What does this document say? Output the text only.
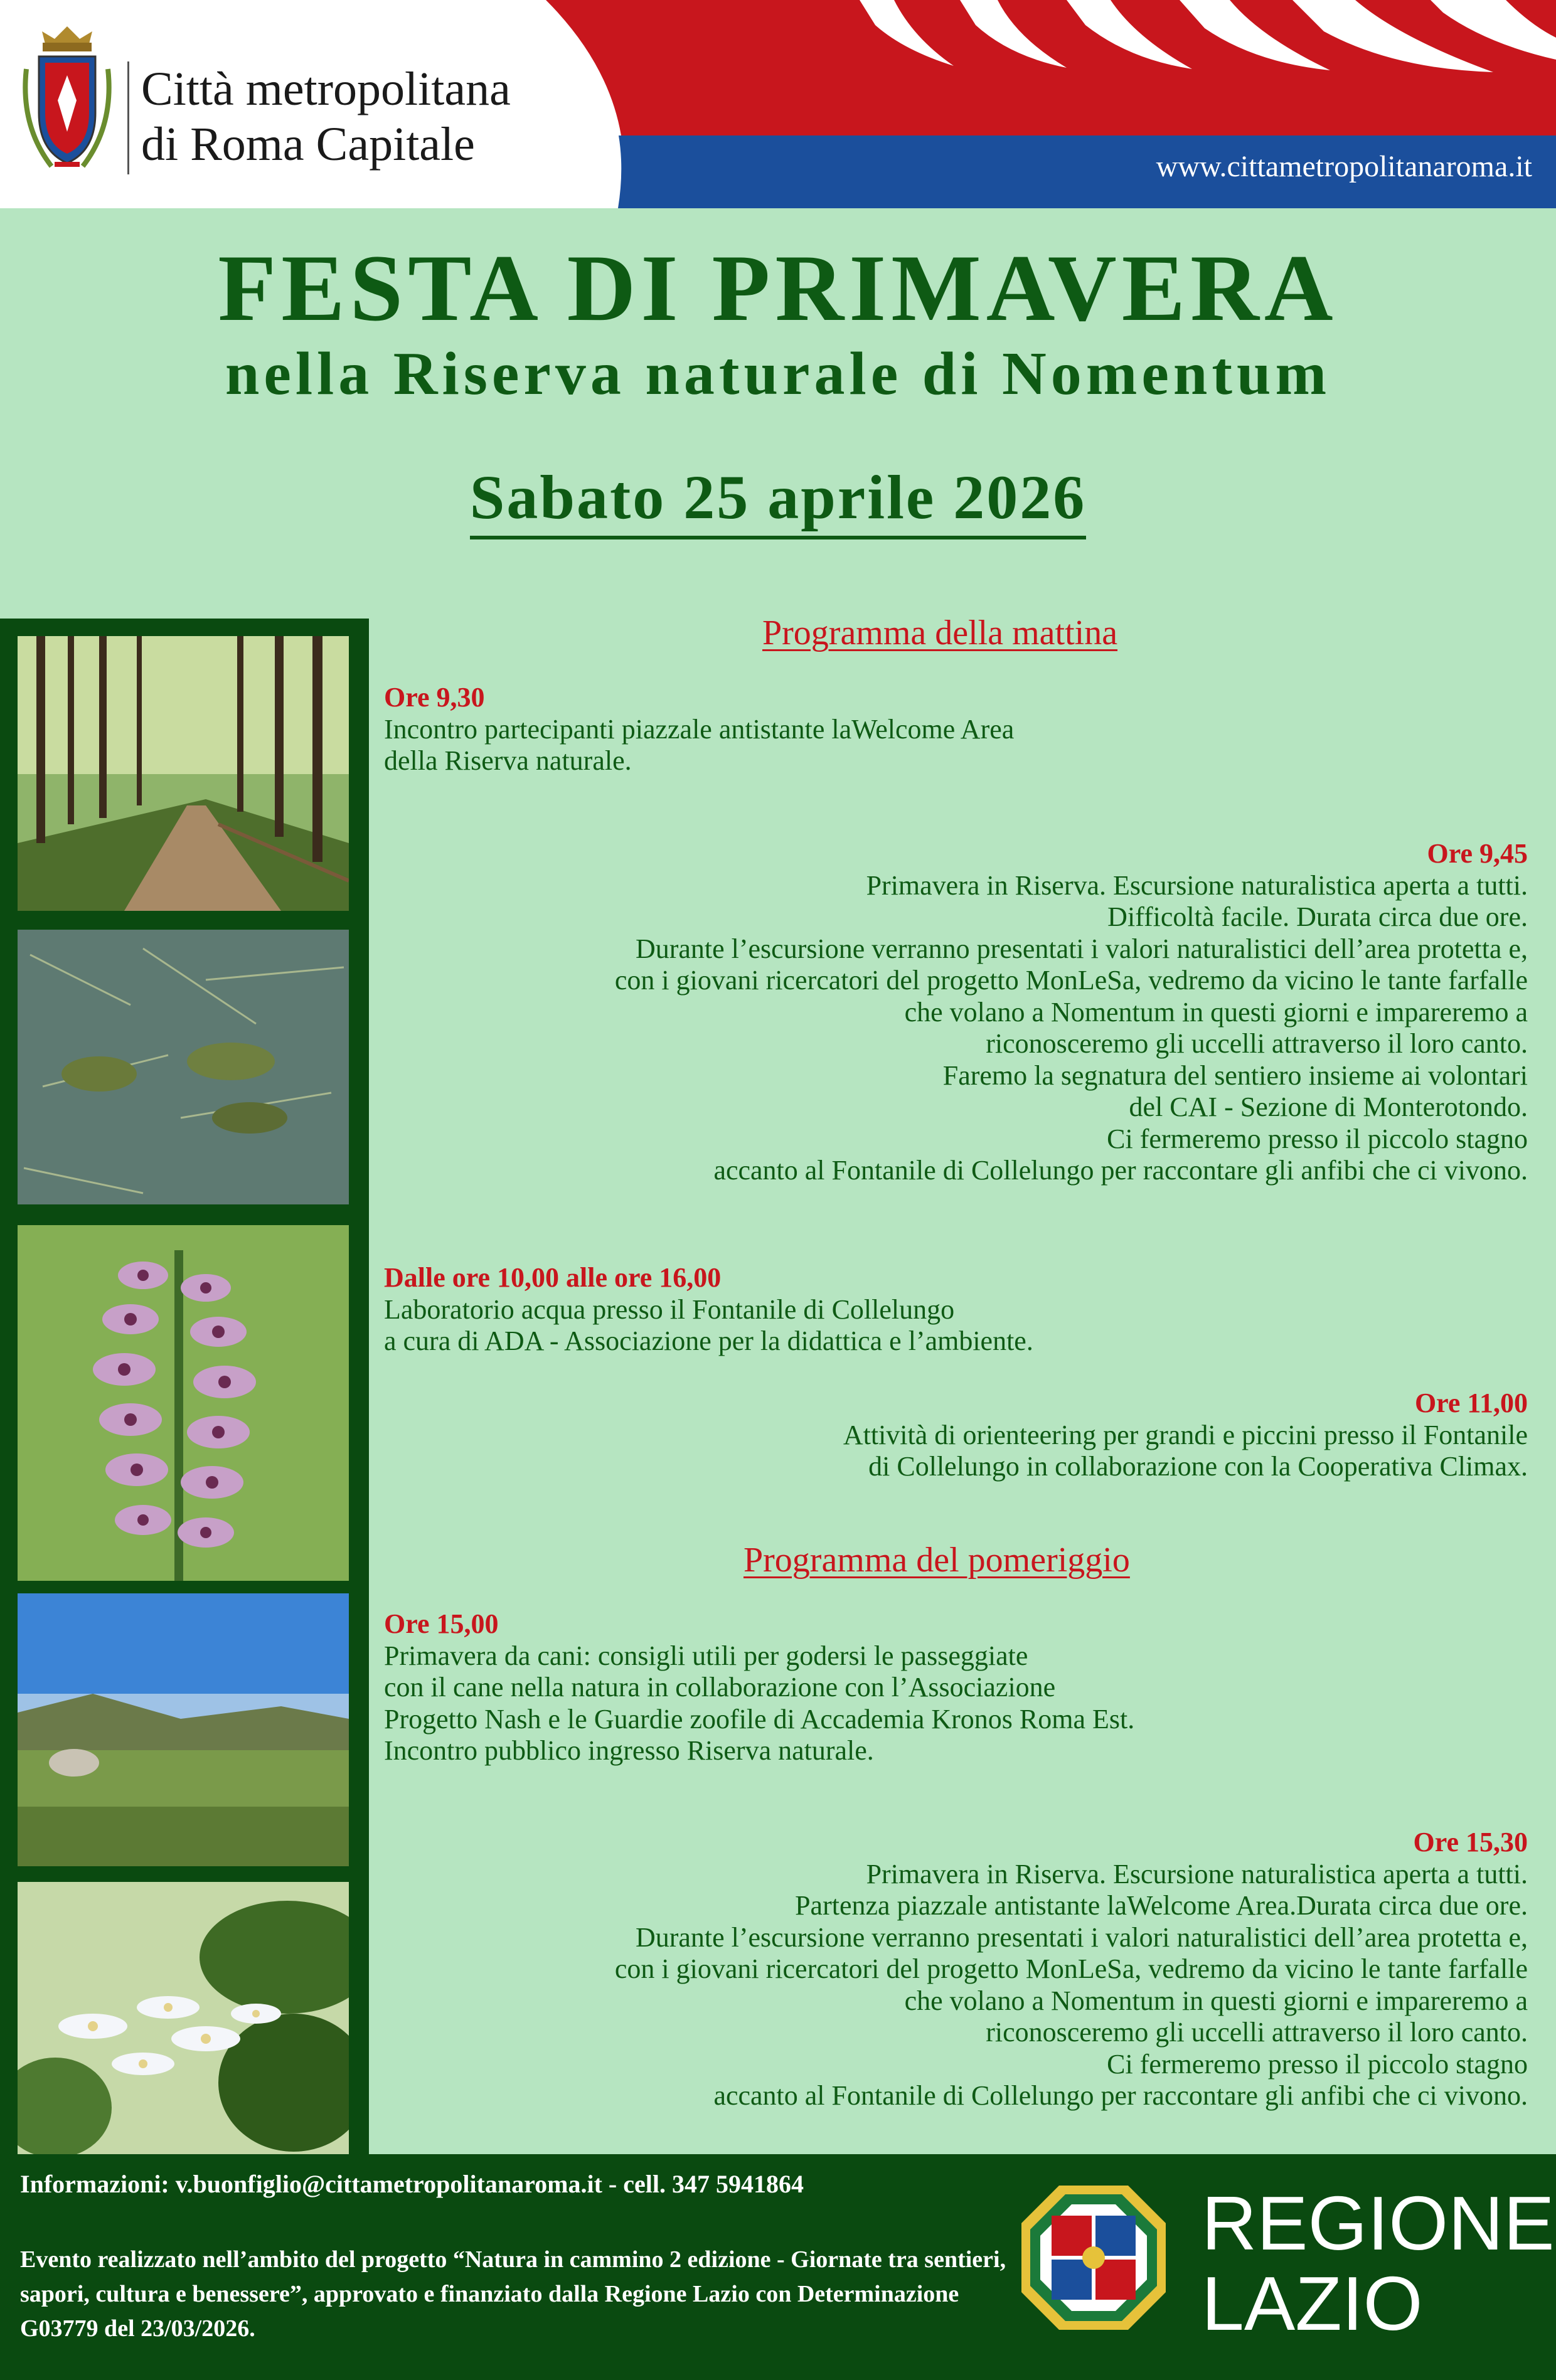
Città metropolitana
di Roma Capitale	www.cittametropolitanaroma.it
FESTA DI PRIMAVERA
nella Riserva naturale di Nomentum
Sabato 25 aprile 2026
Programma della mattina
Ore 9,30
Incontro partecipanti piazzale antistante laWelcome Area
della Riserva naturale.
Ore 9,45
Primavera in Riserva. Escursione naturalistica aperta a tutti.
Difficoltà facile. Durata circa due ore.
Durante l’escursione verranno presentati i valori naturalistici dell’area protetta e,
con i giovani ricercatori del progetto MonLeSa, vedremo da vicino le tante farfalle
che volano a Nomentum in questi giorni e impareremo a
riconosceremo gli uccelli attraverso il loro canto.
Faremo la segnatura del sentiero insieme ai volontari
del CAI - Sezione di Monterotondo.
Ci fermeremo presso il piccolo stagno
accanto al Fontanile di Collelungo per raccontare gli anfibi che ci vivono.
Dalle ore 10,00 alle ore 16,00
Laboratorio acqua presso il Fontanile di Collelungo
a cura di ADA - Associazione per la didattica e l’ambiente.
Ore 11,00
Attività di orienteering per grandi e piccini presso il Fontanile
di Collelungo in collaborazione con la Cooperativa Climax.
Programma del pomeriggio
Ore 15,00
Primavera da cani: consigli utili per godersi le passeggiate
con il cane nella natura in collaborazione con l’Associazione
Progetto Nash e le Guardie zoofile di Accademia Kronos Roma Est.
Incontro pubblico ingresso Riserva naturale.
Ore 15,30
Primavera in Riserva. Escursione naturalistica aperta a tutti.
Partenza piazzale antistante laWelcome Area.Durata circa due ore.
Durante l’escursione verranno presentati i valori naturalistici dell’area protetta e,
con i giovani ricercatori del progetto MonLeSa, vedremo da vicino le tante farfalle
che volano a Nomentum in questi giorni e impareremo a
riconosceremo gli uccelli attraverso il loro canto.
Ci fermeremo presso il piccolo stagno
accanto al Fontanile di Collelungo per raccontare gli anfibi che ci vivono.
Informazioni: v.buonfiglio@cittametropolitanaroma.it - cell. 347 5941864
Evento realizzato nell’ambito del progetto “Natura in cammino 2 edizione - Giornate tra sentieri,
sapori, cultura e benessere”, approvato e finanziato dalla Regione Lazio con Determinazione
G03779 del 23/03/2026.
REGIONE
LAZIO
